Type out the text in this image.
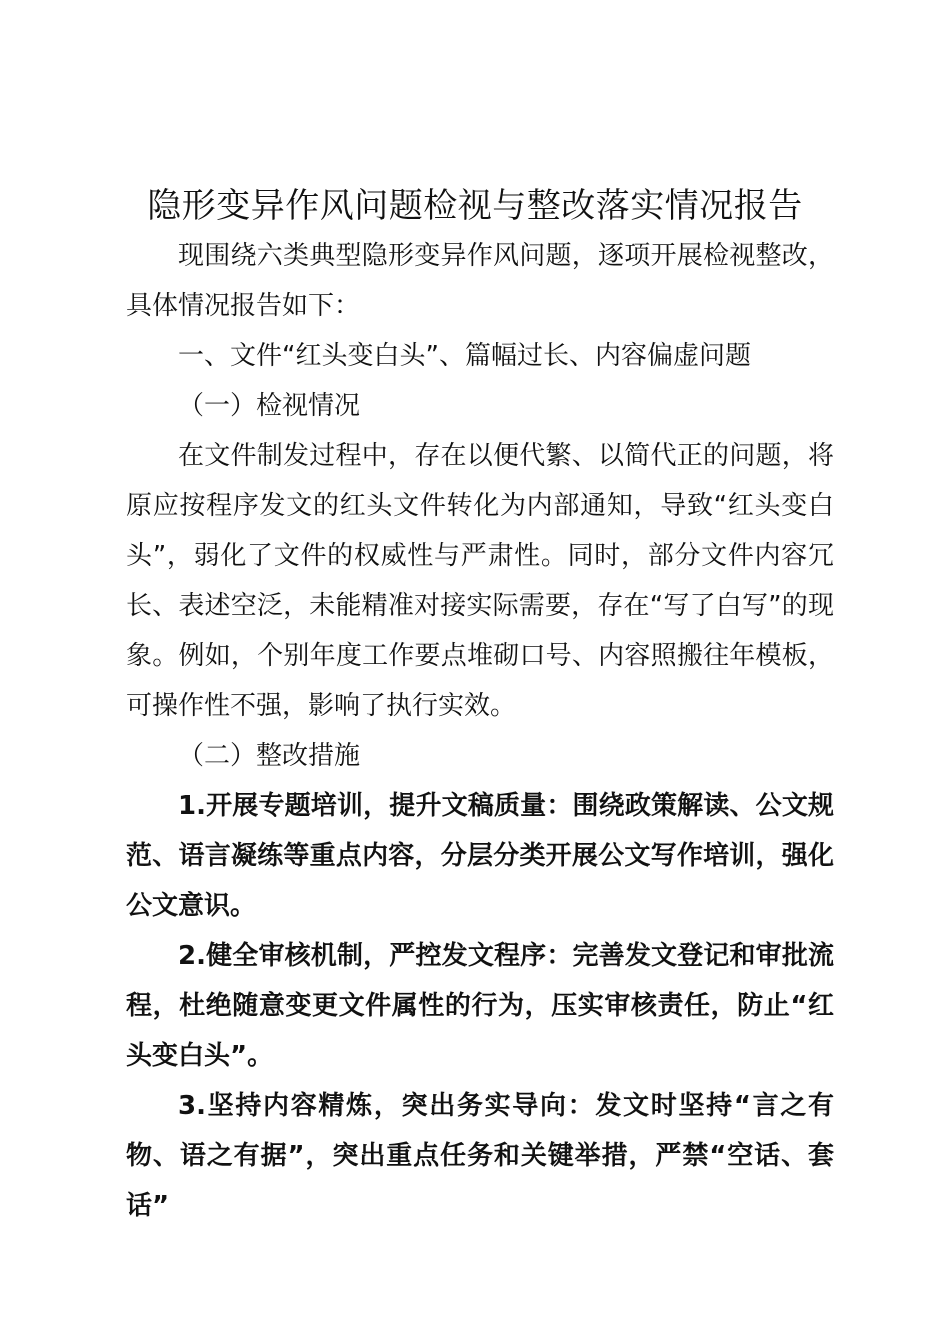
隐形变异作风问题检视与整改落实情况报告

现围绕六类典型隐形变异作风问题，逐项开展检视整改，具体情况报告如下：

一、文件“红头变白头”、篇幅过长、内容偏虚问题

（一）检视情况

在文件制发过程中，存在以便代繁、以简代正的问题，将原应按程序发文的红头文件转化为内部通知，导致“红头变白头”，弱化了文件的权威性与严肃性。同时，部分文件内容冗长、表述空泛，未能精准对接实际需要，存在“写了白写”的现象。例如，个别年度工作要点堆砌口号、内容照搬往年模板，可操作性不强，影响了执行实效。

（二）整改措施

1.开展专题培训，提升文稿质量：围绕政策解读、公文规范、语言凝练等重点内容，分层分类开展公文写作培训，强化公文意识。

2.健全审核机制，严控发文程序：完善发文登记和审批流程，杜绝随意变更文件属性的行为，压实审核责任，防止“红头变白头”。

3.坚持内容精炼，突出务实导向：发文时坚持“言之有物、语之有据”，突出重点任务和关键举措，严禁“空话、套话”
